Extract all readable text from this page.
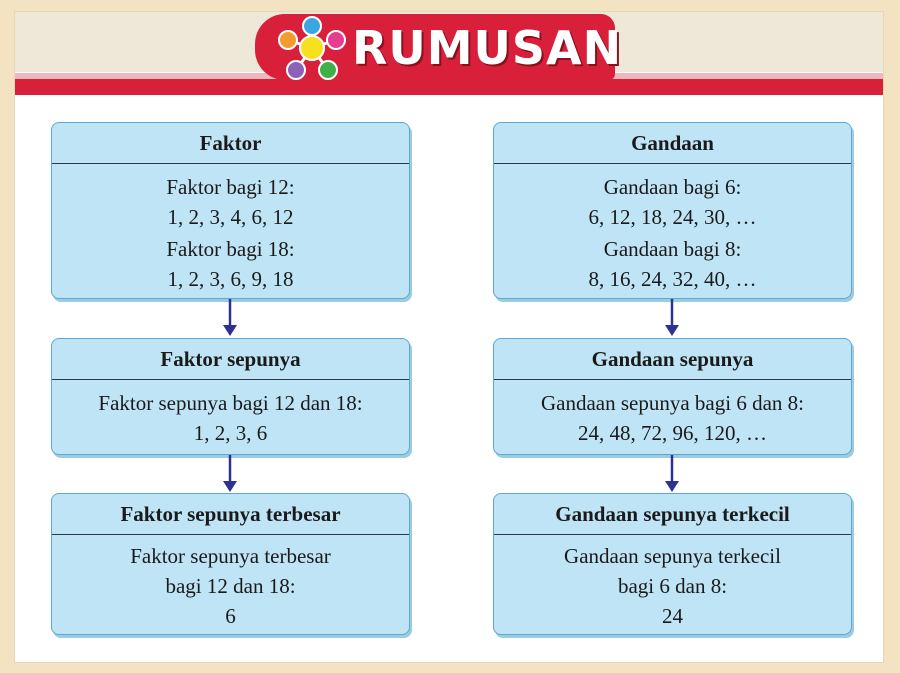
RUMUSAN
Faktor
Faktor bagi 12:
1, 2, 3, 4, 6, 12
Faktor bagi 18:
1, 2, 3, 6, 9, 18
Faktor sepunya
Faktor sepunya bagi 12 dan 18:
1, 2, 3, 6
Faktor sepunya terbesar
Faktor sepunya terbesar
bagi 12 dan 18:
6
Gandaan
Gandaan bagi 6:
6, 12, 18, 24, 30, …
Gandaan bagi 8:
8, 16, 24, 32, 40, …
Gandaan sepunya
Gandaan sepunya bagi 6 dan 8:
24, 48, 72, 96, 120, …
Gandaan sepunya terkecil
Gandaan sepunya terkecil
bagi 6 dan 8:
24
